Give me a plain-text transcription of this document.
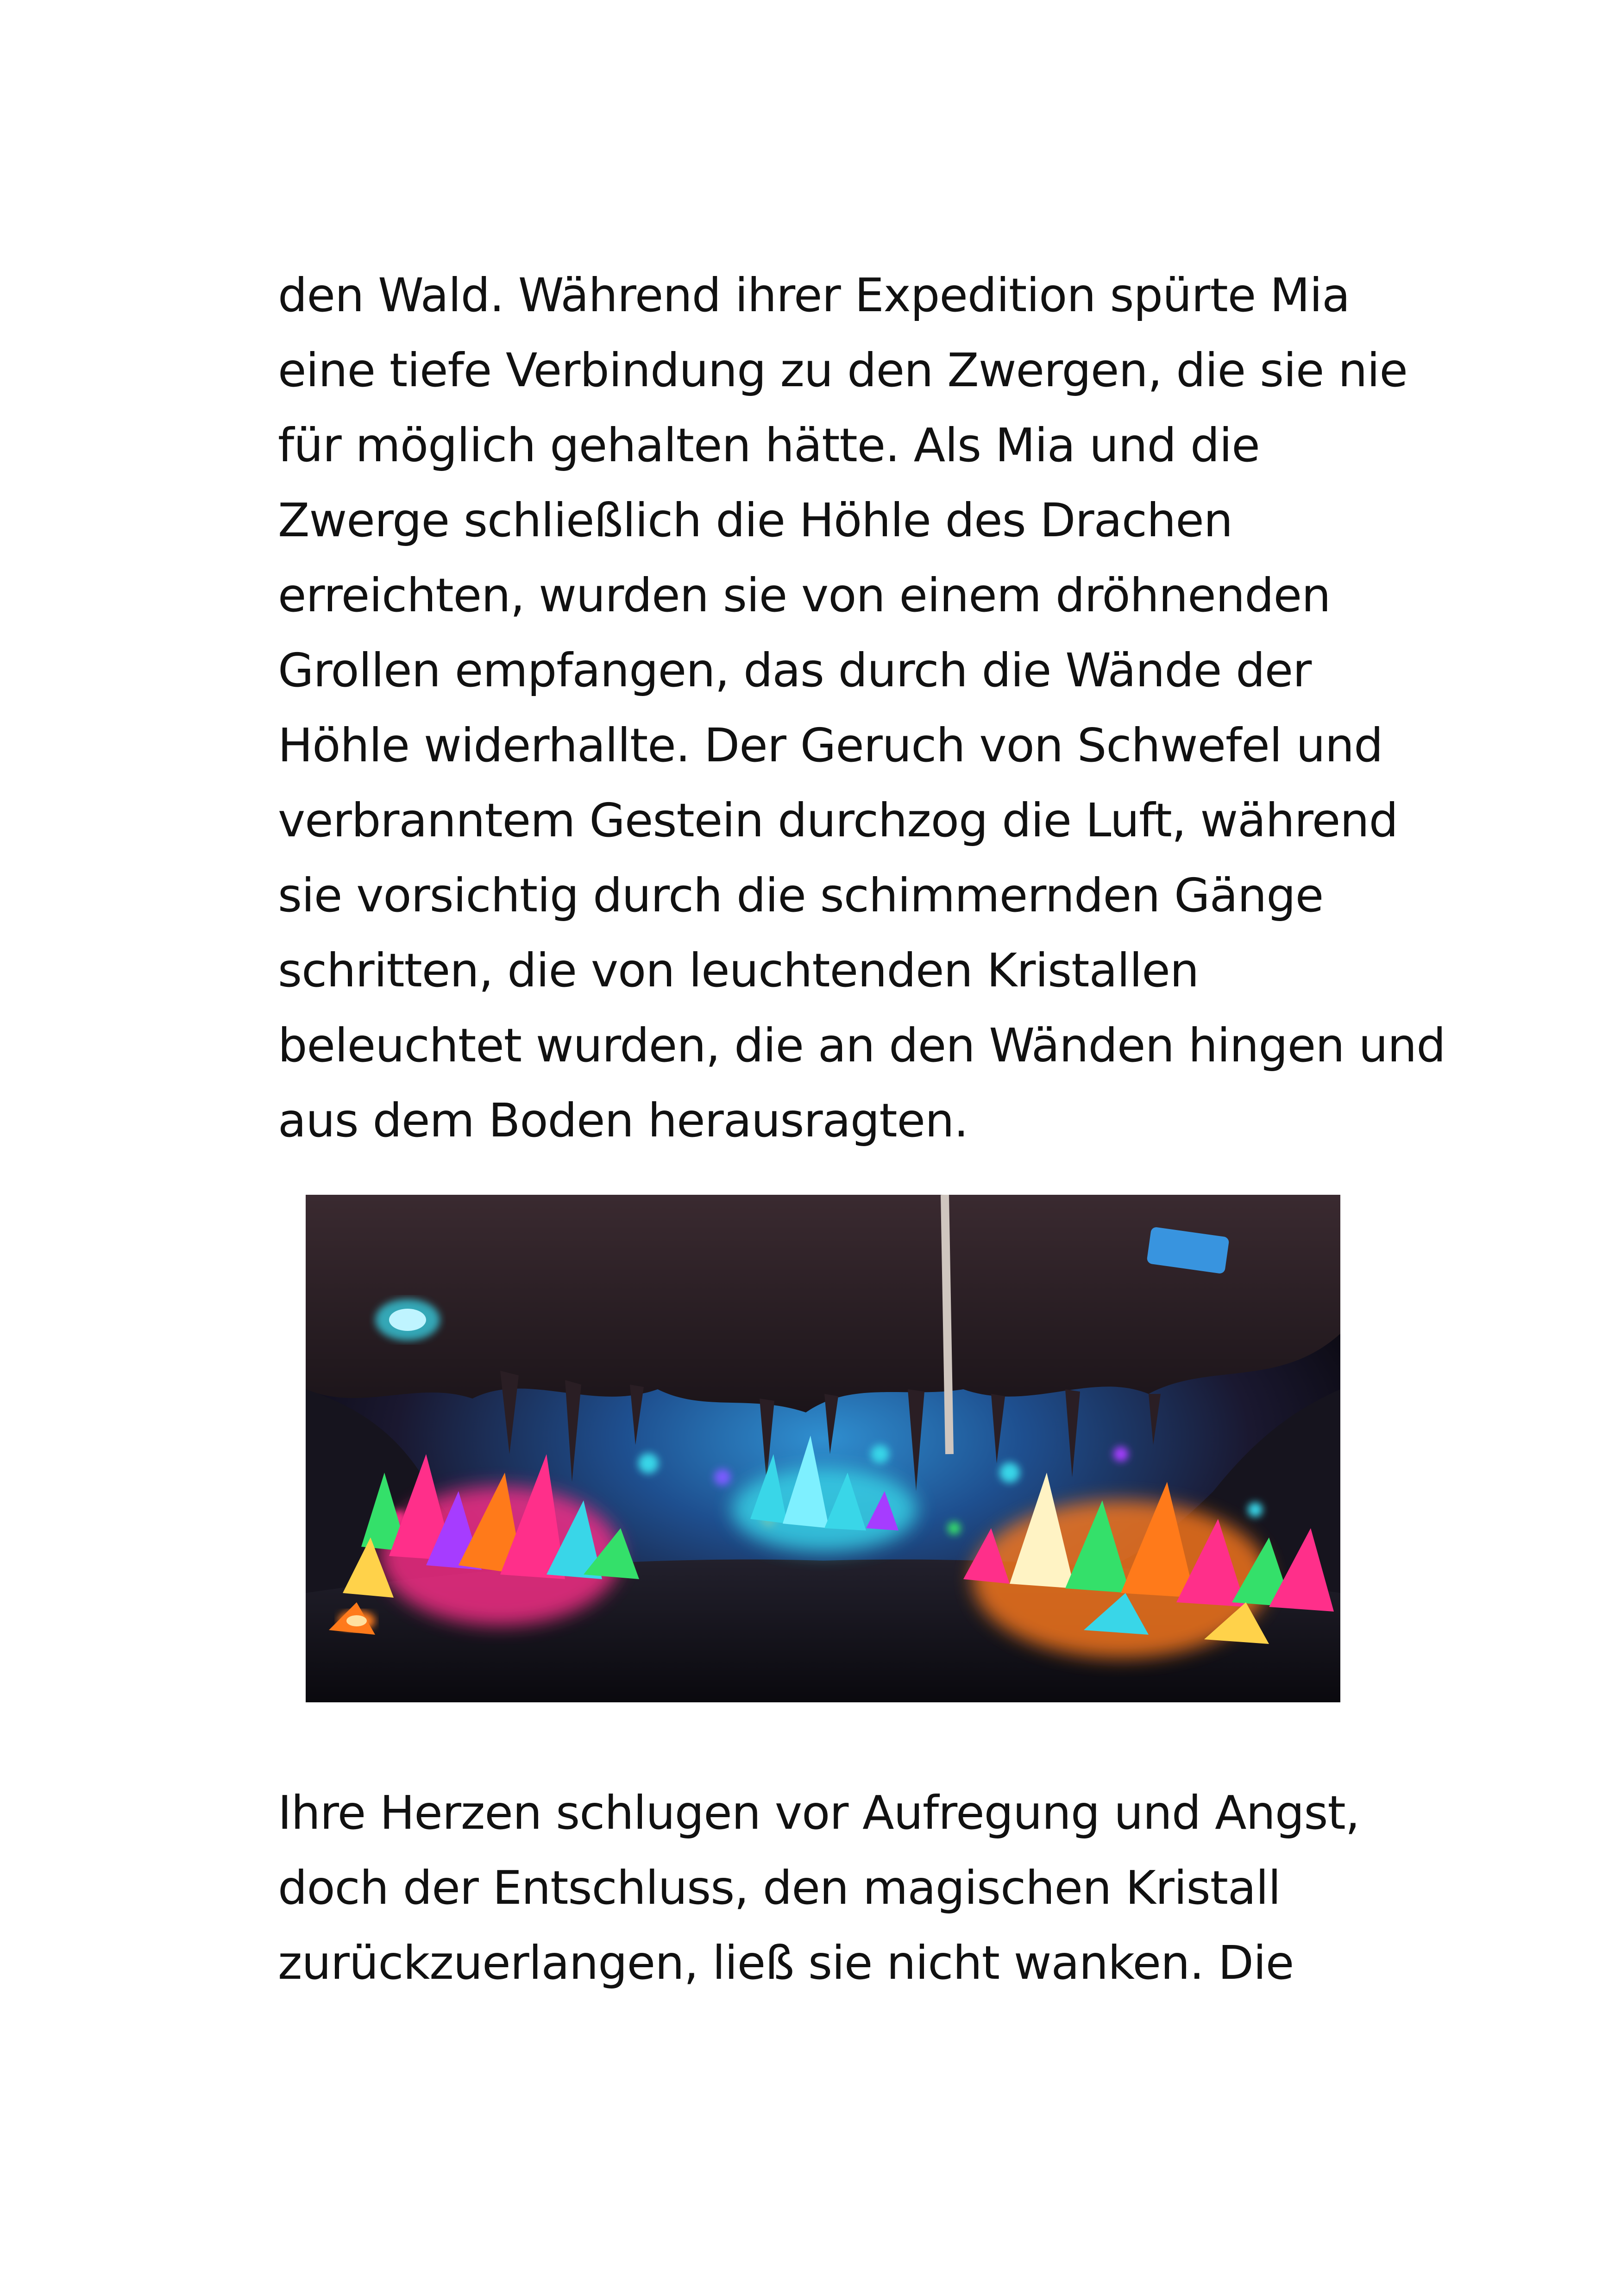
den Wald. Während ihrer Expedition spürte Mia
eine tiefe Verbindung zu den Zwergen, die sie nie
für möglich gehalten hätte. Als Mia und die
Zwerge schließlich die Höhle des Drachen
erreichten, wurden sie von einem dröhnenden
Grollen empfangen, das durch die Wände der
Höhle widerhallte. Der Geruch von Schwefel und
verbranntem Gestein durchzog die Luft, während
sie vorsichtig durch die schimmernden Gänge
schritten, die von leuchtenden Kristallen
beleuchtet wurden, die an den Wänden hingen und
aus dem Boden herausragten.
Ihre Herzen schlugen vor Aufregung und Angst,
doch der Entschluss, den magischen Kristall
zurückzuerlangen, ließ sie nicht wanken. Die
